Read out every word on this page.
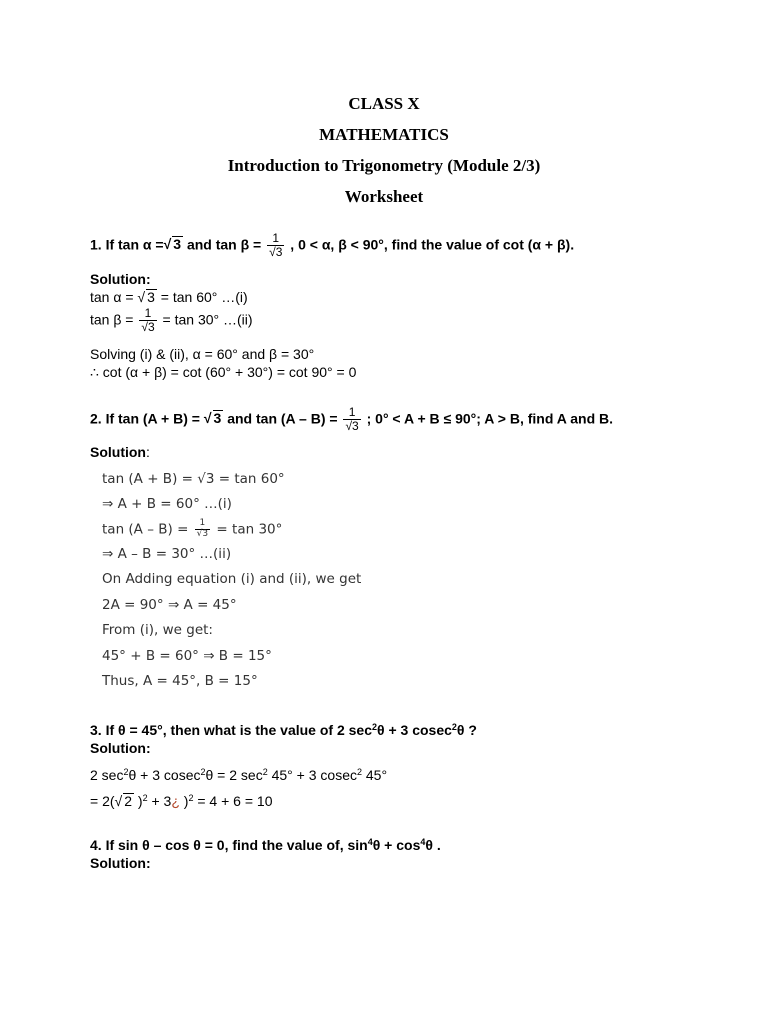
CLASS X
MATHEMATICS
Introduction to Trigonometry (Module 2/3)
Worksheet
1. If tan α =√ 3 and $\tan \beta = \frac{1}{√3}$ , 0 < α, β < 90°, find the value of cot (α + β).
Solution:
tan α = √ 3 = tan 60° …(i)
$\tan \beta = \frac{1}{√3} = \tan 30^\circ$ …(ii)
Solving (i) & (ii), α = 60° and β = 30°
∴ cot (α + β) = cot (60° + 30°) = cot 90° = 0
2. If tan (A + B) = √ 3 and $\tan (A - B) = \frac{1}{√3}$ ; 0° < A + B ≤ 90°; A > B, find A and B.
Solution:
tan (A + B) = √3 = tan 60°
⇒ A + B = 60° …(i)
$\tan (A - B) = \frac{1}{√3} = \tan 30^\circ$
⇒ A – B = 30° …(ii)
On Adding equation (i) and (ii), we get
2A = 90° ⇒ A = 45°
From (i), we get:
45° + B = 60° ⇒ B = 15°
Thus, A = 45°, B = 15°
3. If θ = 45°, then what is the value of 2 $\sec^2\theta + 3$ cosec$^2$θ ?
Solution:
2 $\sec^2\theta + 3$ cosec$^2$θ = 2 $\sec^2 45^\circ + 3$ cosec$^2$ 45°
= 2(√ 2 )$^2$ + 3¿ )$^2$ = 4 + 6 = 10
4. If sin θ – cos θ = 0, find the value of, $\sin^4\theta + \cos^4\theta$ .
Solution:
